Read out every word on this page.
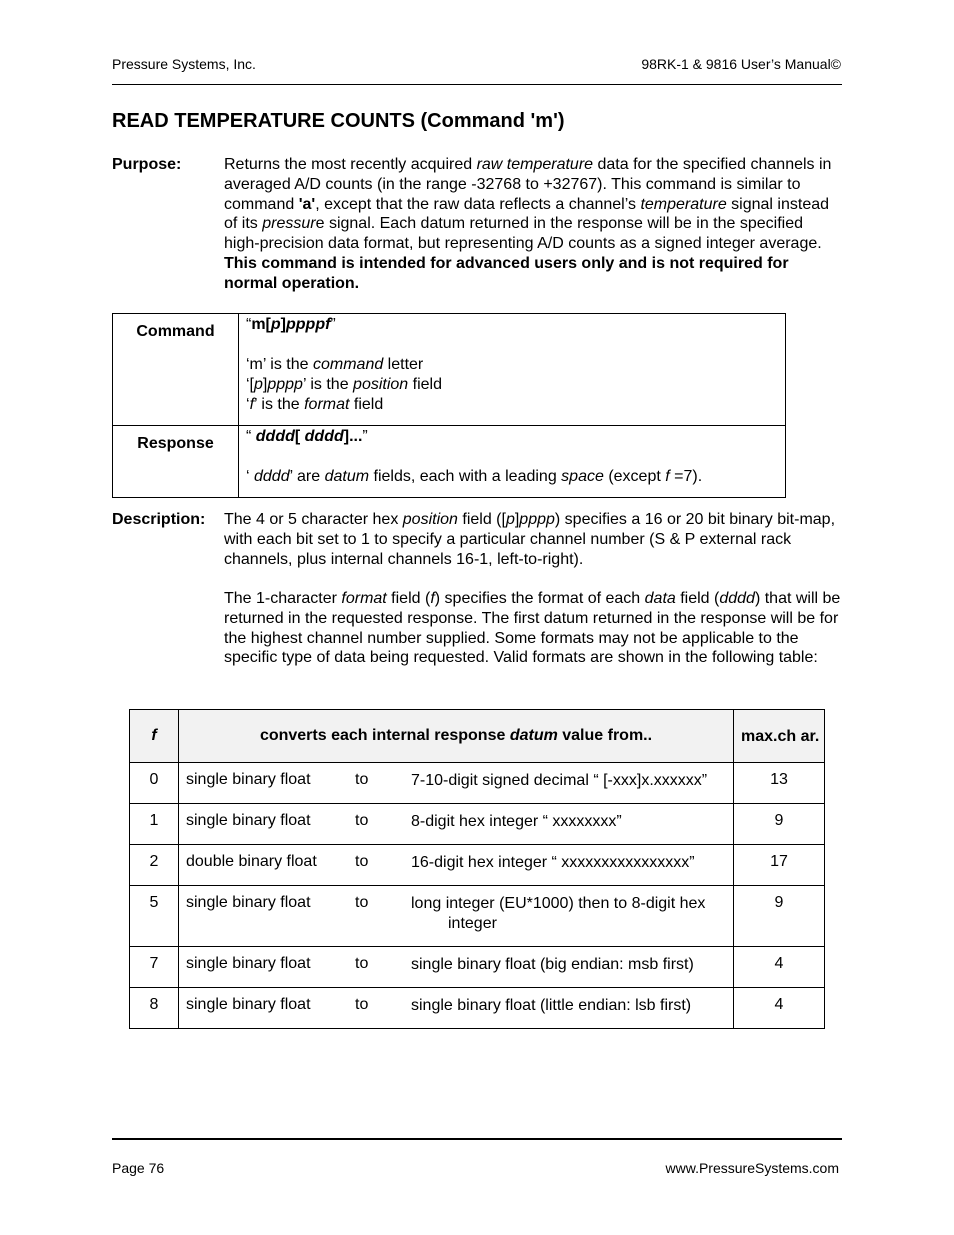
Pressure Systems, Inc.	98RK-1 & 9816 User’s Manual©
READ TEMPERATURE COUNTS (Command 'm')
Purpose:	Returns the most recently acquired raw temperature data for the specified channels in averaged A/D counts (in the range -32768 to +32767). This command is similar to command 'a', except that the raw data reflects a channel’s temperature signal instead of its pressure signal. Each datum returned in the response will be in the specified high-precision data format, but representing A/D counts as a signed integer average. This command is intended for advanced users only and is not required for normal operation.
Command	“m[p]ppppf”
‘m’ is the command letter
‘[p]pppp’ is the position field
‘f’ is the format field

Response	“ dddd[ dddd]...”
‘ dddd’ are datum fields, each with a leading space (except f =7).
Description: The 4 or 5 character hex position field ([p]pppp) specifies a 16 or 20 bit binary bit-map, with each bit set to 1 to specify a particular channel number (S & P external rack channels, plus internal channels 16-1, left-to-right).
The 1-character format field (f) specifies the format of each data field (dddd) that will be returned in the requested response. The first datum returned in the response will be for the highest channel number supplied. Some formats may not be applicable to the specific type of data being requested. Valid formats are shown in the following table:
f	converts each internal response datum value from..	max.ch ar.
0	single binary float to 7-10-digit signed decimal “ [-xxx]x.xxxxxx”	13
1	single binary float to 8-digit hex integer “ xxxxxxxx”	9
2	double binary float to 16-digit hex integer “ xxxxxxxxxxxxxxxx”	17
5	single binary float to long integer (EU*1000) then to 8-digit hex
integer	9
7	single binary float to single binary float (big endian: msb first)	4
8	single binary float to single binary float (little endian: lsb first)	4
Page 76	www.PressureSystems.com
